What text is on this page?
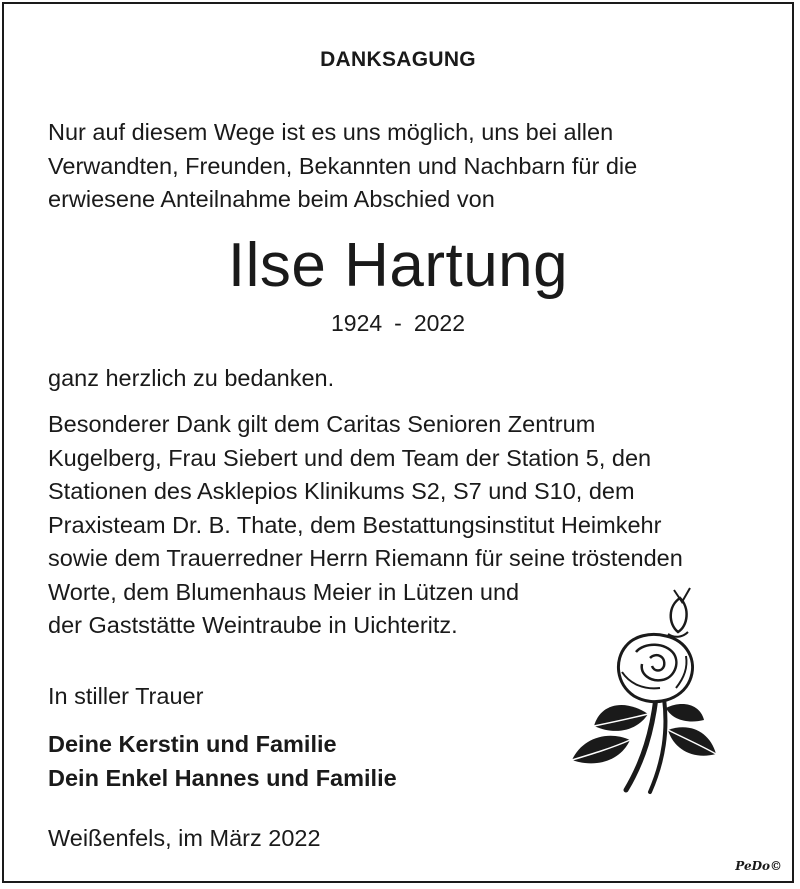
DANKSAGUNG
Nur auf diesem Wege ist es uns möglich, uns bei allen
Verwandten, Freunden, Bekannten und Nachbarn für die
erwiesene Anteilnahme beim Abschied von
Ilse Hartung
1924 - 2022
ganz herzlich zu bedanken.
Besonderer Dank gilt dem Caritas Senioren Zentrum
Kugelberg, Frau Siebert und dem Team der Station 5, den
Stationen des Asklepios Klinikums S2, S7 und S10, dem
Praxisteam Dr. B. Thate, dem Bestattungsinstitut Heimkehr
sowie dem Trauerredner Herrn Riemann für seine tröstenden
Worte, dem Blumenhaus Meier in Lützen und
der Gaststätte Weintraube in Uichteritz.
In stiller Trauer
Deine Kerstin und Familie
Dein Enkel Hannes und Familie
Weißenfels, im März 2022
PeDo©
